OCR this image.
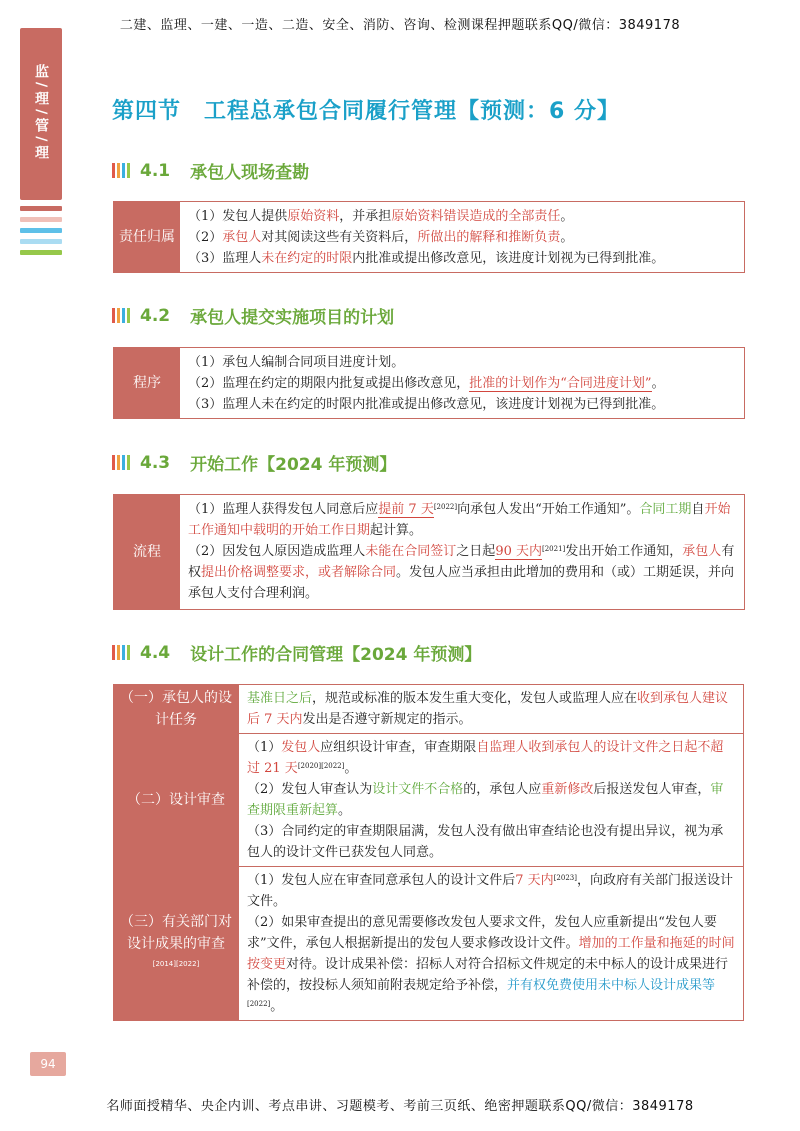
二建、监理、一建、一造、二造、安全、消防、咨询、检测课程押题联系QQ/微信：3849178
监/理/管/理	第四节　工程总承包合同履行管理【预测：6 分】
4.1 承包人现场查勘
责任归属

（1）发包人提供原始资料，并承担原始资料错误造成的全部责任。

（2）承包人对其阅读这些有关资料后，所做出的解释和推断负责。

（3）监理人未在约定的时限内批准或提出修改意见，该进度计划视为已得到批准。

4.2 承包人提交实施项目的计划
程序

（1）承包人编制合同项目进度计划。

（2）监理在约定的期限内批复或提出修改意见，批准的计划作为“合同进度计划”。

（3）监理人未在约定的时限内批准或提出修改意见，该进度计划视为已得到批准。

4.3 开始工作【2024 年预测】
流程

（1）监理人获得发包人同意后应提前 7 天[2022]向承包人发出“开始工作通知”。合同工期自开始工作通知中载明的开始工作日期起计算。

（2）因发包人原因造成监理人未能在合同签订之日起90 天内[2021]发出开始工作通知，承包人有权提出价格调整要求，或者解除合同。发包人应当承担由此增加的费用和（或）工期延误，并向承包人支付合理利润。

4.4 设计工作的合同管理【2024 年预测】
（一）承包人的设计任务	基准日之后，规范或标准的版本发生重大变化，发包人或监理人应在收到承包人建议后 7 天内发出是否遵守新规定的指示。

（二）设计审查	（1）发包人应组织设计审查，审查期限自监理人收到承包人的设计文件之日起不超过 21 天[2020][2022]。

（2）发包人审查认为设计文件不合格的，承包人应重新修改后报送发包人审查，审查期限重新起算。

（3）合同约定的审查期限届满，发包人没有做出审查结论也没有提出异议，视为承包人的设计文件已获发包人同意。

（三）有关部门对设计成果的审查[2014][2022]	（1）发包人应在审查同意承包人的设计文件后7 天内[2023]，向政府有关部门报送设计文件。

（2）如果审查提出的意见需要修改发包人要求文件，发包人应重新提出“发包人要求”文件，承包人根据新提出的发包人要求修改设计文件。增加的工作量和拖延的时间按变更对待。设计成果补偿：招标人对符合招标文件规定的未中标人的设计成果进行补偿的，按投标人须知前附表规定给予补偿，并有权免费使用未中标人设计成果等[2022]。

94
名师面授精华、央企内训、考点串讲、习题模考、考前三页纸、绝密押题联系QQ/微信：3849178
